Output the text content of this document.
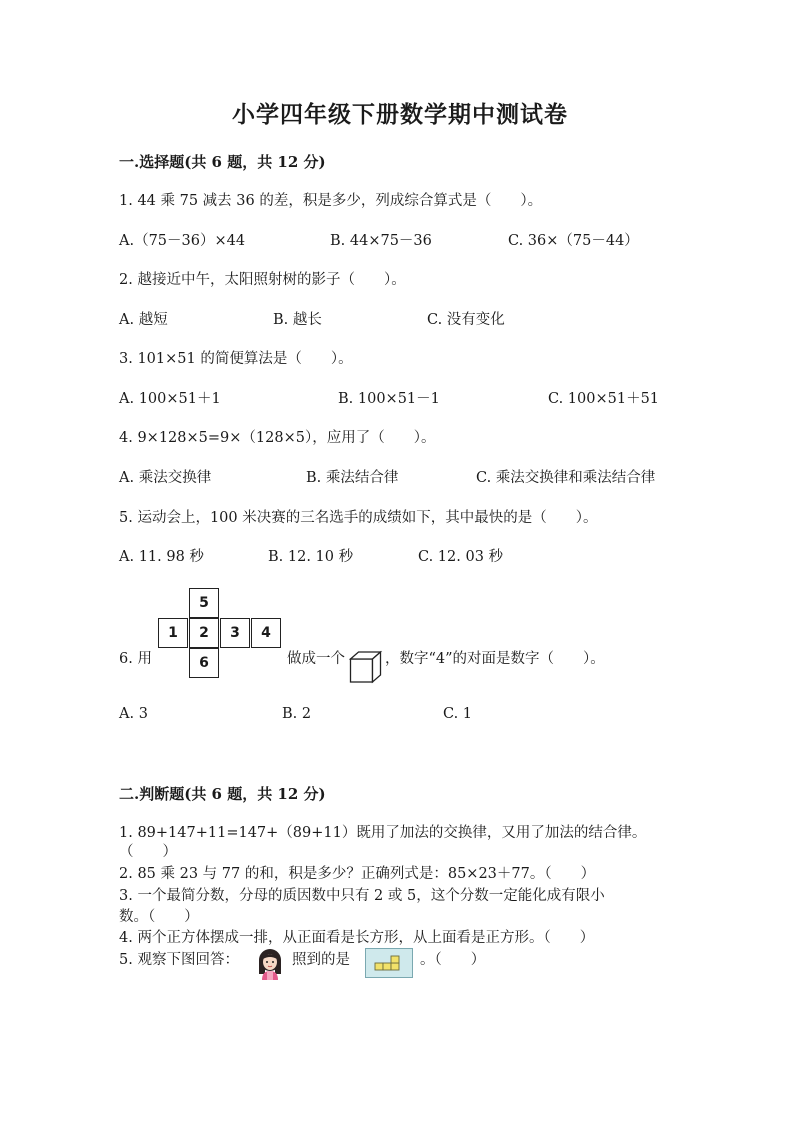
小学四年级下册数学期中测试卷
一.选择题(共 6 题，共 12 分)
1. 44 乘 75 减去 36 的差，积是多少，列成综合算式是（　　）。
A.（75－36）×44	B. 44×75－36	C. 36×（75－44）
2. 越接近中午，太阳照射树的影子（　　）。
A. 越短	B. 越长	C. 没有变化
3. 101×51 的简便算法是（　　）。
A. 100×51＋1	B. 100×51－1	C. 100×51＋51
4. 9×128×5=9×（128×5），应用了（　　）。
A. 乘法交换律	B. 乘法结合律	C. 乘法交换律和乘法结合律
5. 运动会上，100 米决赛的三名选手的成绩如下，其中最快的是（　　）。
A. 11. 98 秒	B. 12. 10 秒	C. 12. 03 秒
6. 用
5
1	2	3	4
6	做成一个	，数字“4”的对面是数字（　　）。
A. 3	B. 2	C. 1
二.判断题(共 6 题，共 12 分)
1. 89+147+11=147+（89+11）既用了加法的交换律，又用了加法的结合律。
（　　）
2. 85 乘 23 与 77 的和，积是多少？正确列式是：85×23＋77。（　　）
3. 一个最简分数，分母的质因数中只有 2 或 5，这个分数一定能化成有限小
数。（　　）
4. 两个正方体摆成一排，从正面看是长方形，从上面看是正方形。（　　）
5. 观察下图回答：	照到的是	。（　　）
